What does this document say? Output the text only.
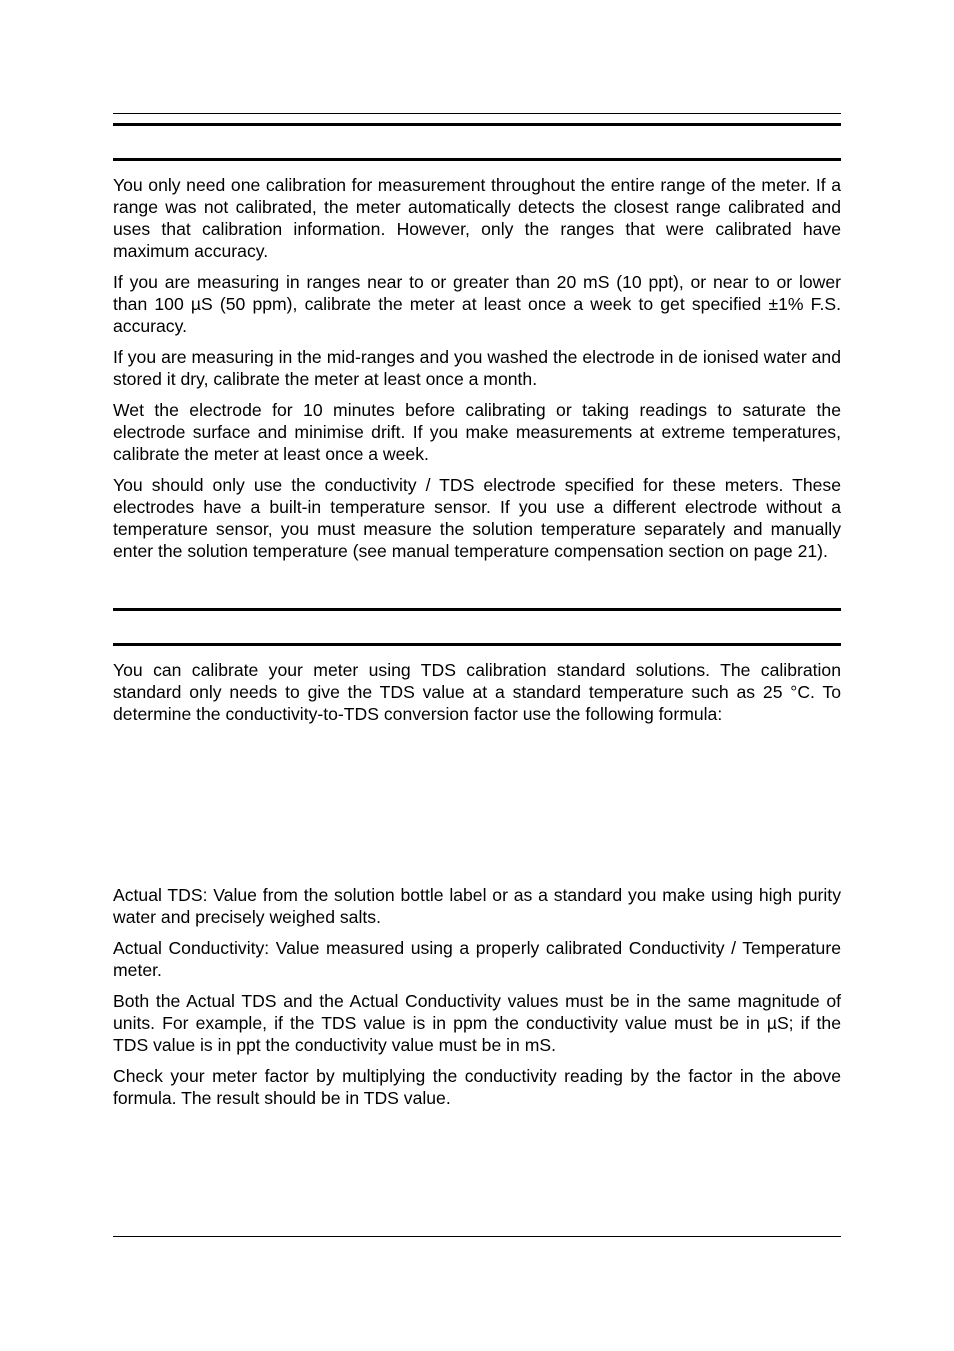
You only need one calibration for measurement throughout the entire range of the meter. If a range was not calibrated, the meter automatically detects the closest range calibrated and uses that calibration information. However, only the ranges that were calibrated have maximum accuracy.

If you are measuring in ranges near to or greater than 20 mS (10 ppt), or near to or lower than 100 µS (50 ppm), calibrate the meter at least once a week to get specified ±1% F.S. accuracy.

If you are measuring in the mid-ranges and you washed the electrode in de ionised water and stored it dry, calibrate the meter at least once a month.

Wet the electrode for 10 minutes before calibrating or taking readings to saturate the electrode surface and minimise drift. If you make measurements at extreme temperatures, calibrate the meter at least once a week.

You should only use the conductivity / TDS electrode specified for these meters. These electrodes have a built-in temperature sensor. If you use a different electrode without a temperature sensor, you must measure the solution temperature separately and manually enter the solution temperature (see manual temperature compensation section on page 21).

You can calibrate your meter using TDS calibration standard solutions. The calibration standard only needs to give the TDS value at a standard temperature such as 25 °C. To determine the conductivity-to-TDS conversion factor use the following formula:

Actual TDS: Value from the solution bottle label or as a standard you make using high purity water and precisely weighed salts.

Actual Conductivity: Value measured using a properly calibrated Conductivity / Temperature meter.

Both the Actual TDS and the Actual Conductivity values must be in the same magnitude of units. For example, if the TDS value is in ppm the conductivity value must be in µS; if the TDS value is in ppt the conductivity value must be in mS.

Check your meter factor by multiplying the conductivity reading by the factor in the above formula. The result should be in TDS value.
